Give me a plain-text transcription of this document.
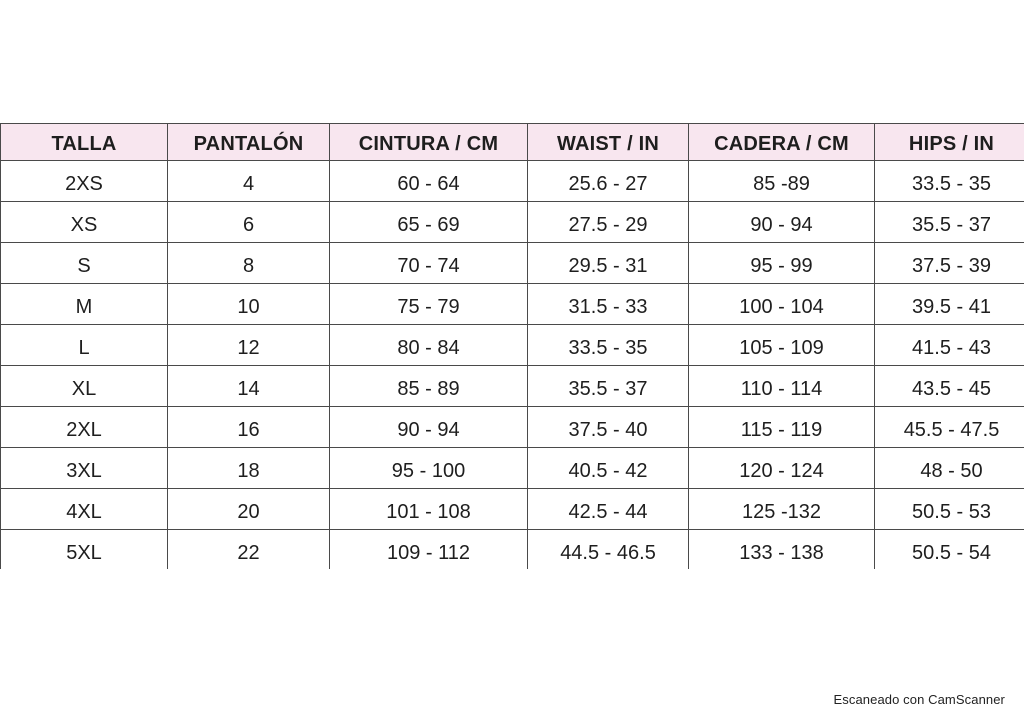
TALLA	PANTALÓN	CINTURA / CM	WAIST / IN	CADERA / CM	HIPS / IN
2XS	4	60 - 64	25.6 - 27	85 -89	33.5 - 35
XS	6	65 - 69	27.5 - 29	90 - 94	35.5 - 37
S	8	70 - 74	29.5 - 31	95 - 99	37.5 - 39
M	10	75 - 79	31.5 - 33	100 - 104	39.5 - 41
L	12	80 - 84	33.5 - 35	105 - 109	41.5 - 43
XL	14	85 - 89	35.5 - 37	110 - 114	43.5 - 45
2XL	16	90 - 94	37.5 - 40	115 - 119	45.5 - 47.5
3XL	18	95 - 100	40.5 - 42	120 - 124	48 - 50
4XL	20	101 - 108	42.5 - 44	125 -132	50.5 - 53
5XL	22	109 - 112	44.5 - 46.5	133 - 138	50.5 - 54
Escaneado con CamScanner
